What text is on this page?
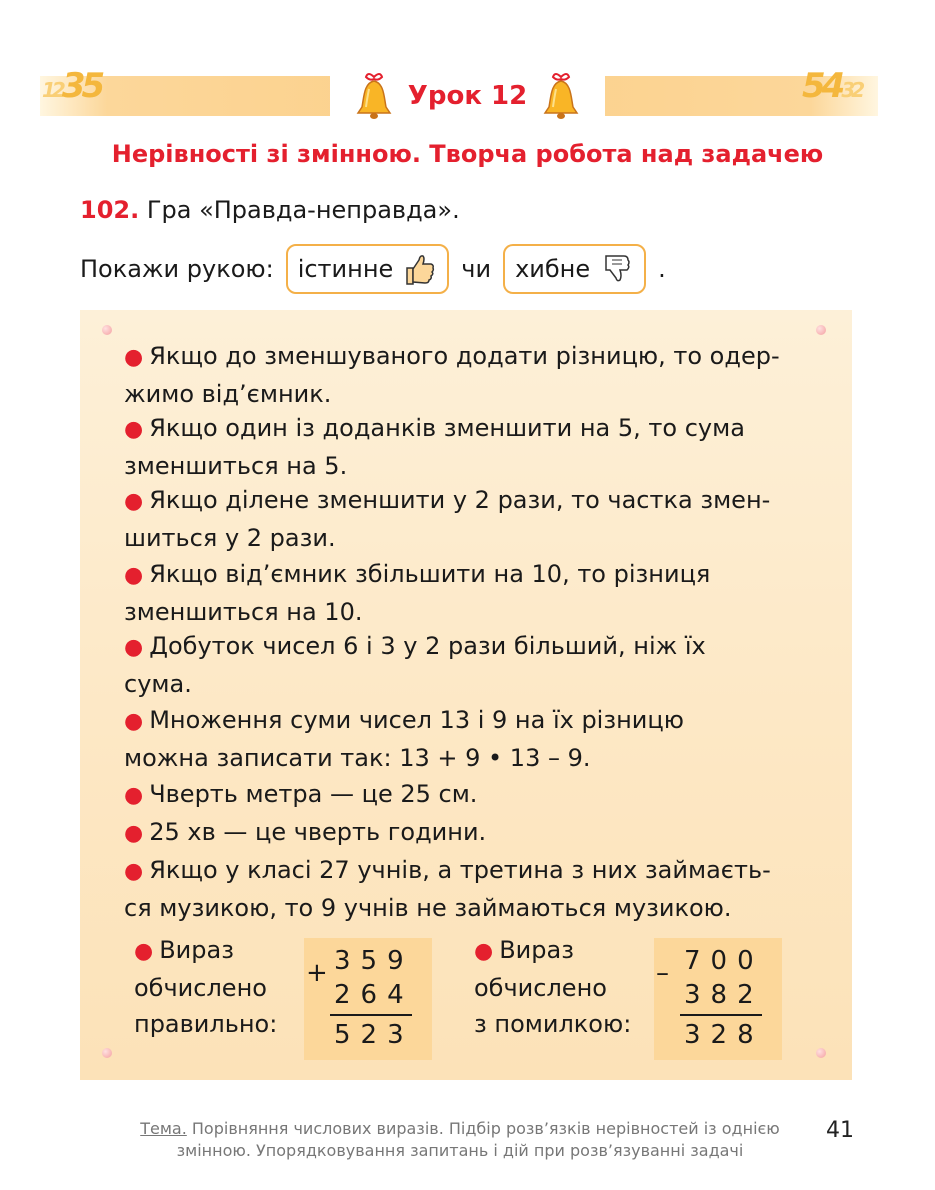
1235	5432
Урок 12
Нерівності зі змінною. Творча робота над задачею
102. Гра «Правда-неправда».
Покажи рукою: істинне	чи хибне	.
● Якщо до зменшуваного додати різницю, то одер-
жимо від’ємник.
● Якщо один із доданків зменшити на 5, то сума
зменшиться на 5.
● Якщо ділене зменшити у 2 рази, то частка змен-
шиться у 2 рази.
● Якщо від’ємник збільшити на 10, то різниця
зменшиться на 10.
● Добуток чисел 6 і 3 у 2 рази більший, ніж їх
сума.
● Множення суми чисел 13 і 9 на їх різницю
можна записати так: 13 + 9 • 13 – 9.
● Чверть метра — це 25 см.
● 25 хв — це чверть години.
● Якщо у класі 27 учнів, а третина з них займаєть-
ся музикою, то 9 учнів не займаються музикою.
● Вираз
обчислено
правильно:
+ 359
264
523
● Вираз
обчислено
з помилкою:
– 700
382
328
Тема. Порівняння числових виразів. Підбір розв’язків нерівностей із однією
змінною. Упорядковування запитань і дій при розв’язуванні задачі
41
